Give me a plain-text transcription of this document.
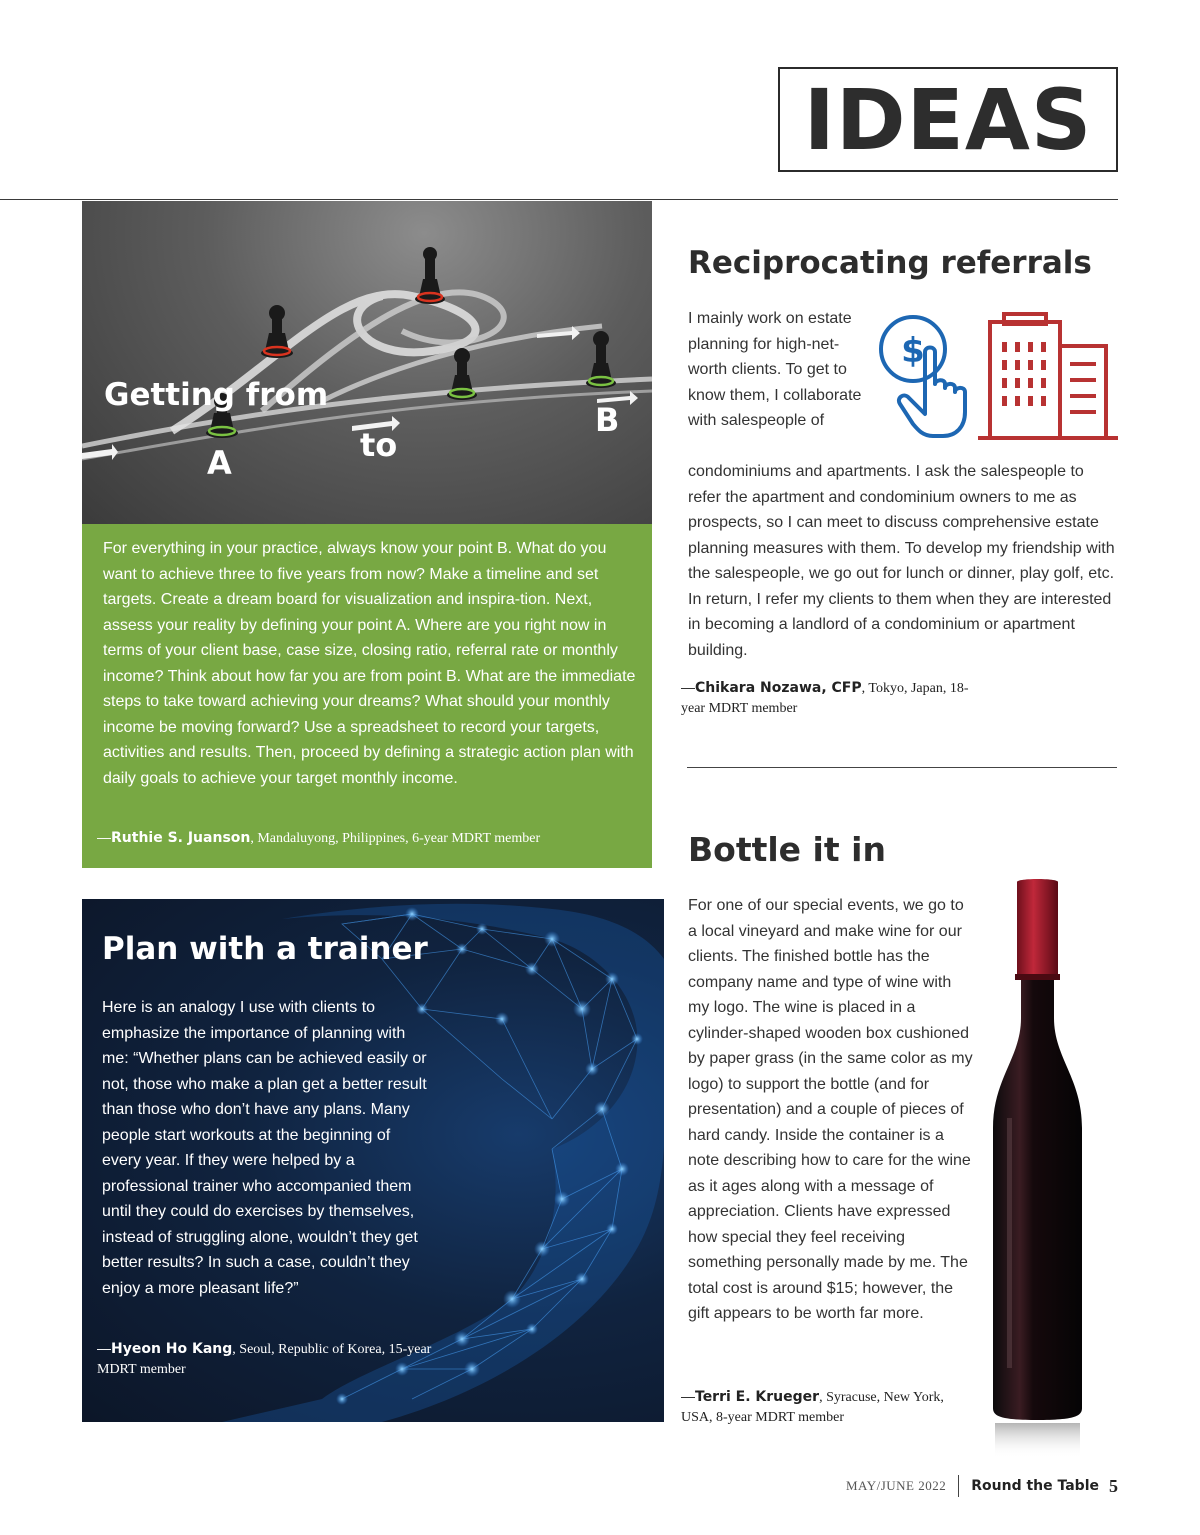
IDEAS
Getting from
A	to
B

For everything in your practice, always know your point B. What do you want to achieve three to five years from now? Make a timeline and set targets. Create a dream board for visualization and inspira-tion. Next, assess your reality by defining your point A. Where are you right now in terms of your client base, case size, closing ratio, referral rate or monthly income? Think about how far you are from point B. What are the immediate steps to take toward achieving your dreams? What should your monthly income be moving forward? Use a spreadsheet to record your targets, activities and results. Then, proceed by defining a strategic action plan with daily goals to achieve your target monthly income.

—Ruthie S. Juanson, Mandaluyong, Philippines, 6-year MDRT member
Plan with a trainer

Here is an analogy I use with clients to emphasize the importance of planning with me: “Whether plans can be achieved easily or not, those who make a plan get a better result than those who don’t have any plans. Many people start workouts at the beginning of every year. If they were helped by a professional trainer who accompanied them until they could do exercises by themselves, instead of struggling alone, wouldn’t they get better results? In such a case, couldn’t they enjoy a more pleasant life?”

—Hyeon Ho Kang, Seoul, Republic of Korea, 15-year MDRT member
Reciprocating referrals
I mainly work on estate planning for high-net-worth clients. To get to know them, I collaborate with salespeople of
$
condominiums and apartments. I ask the salespeople to refer the apartment and condominium owners to me as prospects, so I can meet to discuss comprehensive estate planning measures with them. To develop my friendship with the salespeople, we go out for lunch or dinner, play golf, etc. In return, I refer my clients to them when they are interested in becoming a landlord of a condominium or apartment building.
—Chikara Nozawa, CFP, Tokyo, Japan, 18-year MDRT member
Bottle it in
For one of our special events, we go to a local vineyard and make wine for our clients. The finished bottle has the company name and type of wine with my logo. The wine is placed in a cylinder-shaped wooden box cushioned by paper grass (in the same color as my logo) to support the bottle (and for presentation) and a couple of pieces of hard candy. Inside the container is a note describing how to care for the wine as it ages along with a message of appreciation. Clients have expressed how special they feel receiving something personally made by me. The total cost is around $15; however, the gift appears to be worth far more.
—Terri E. Krueger, Syracuse, New York, USA, 8-year MDRT member
MAY/JUNE 2022 Round the Table 5
